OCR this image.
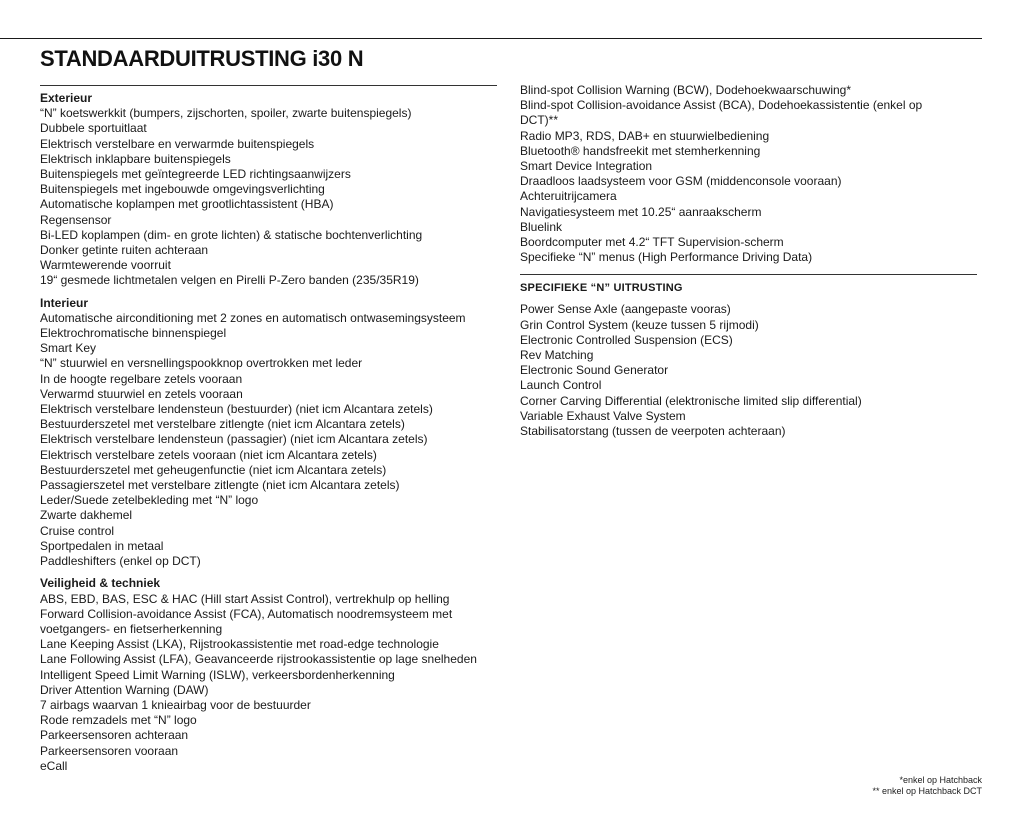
STANDAARDUITRUSTING i30 N
Exterieur
“N” koetswerkkit (bumpers, zijschorten, spoiler, zwarte buitenspiegels)
Dubbele sportuitlaat
Elektrisch verstelbare en verwarmde buitenspiegels
Elektrisch inklapbare buitenspiegels
Buitenspiegels met geïntegreerde LED richtingsaanwijzers
Buitenspiegels met ingebouwde omgevingsverlichting
Automatische koplampen met grootlichtassistent (HBA)
Regensensor
Bi-LED koplampen (dim- en grote lichten) & statische bochtenverlichting
Donker getinte ruiten achteraan
Warmtewerende voorruit
19“ gesmede lichtmetalen velgen en Pirelli P-Zero banden (235/35R19)
Interieur
Automatische airconditioning met 2 zones en automatisch ontwasemingsysteem
Elektrochromatische binnenspiegel
Smart Key
“N” stuurwiel en versnellingspookknop overtrokken met leder
In de hoogte regelbare zetels vooraan
Verwarmd stuurwiel en zetels vooraan
Elektrisch verstelbare lendensteun (bestuurder) (niet icm Alcantara zetels)
Bestuurderszetel met verstelbare zitlengte (niet icm Alcantara zetels)
Elektrisch verstelbare lendensteun (passagier) (niet icm Alcantara zetels)
Elektrisch verstelbare zetels vooraan (niet icm Alcantara zetels)
Bestuurderszetel met geheugenfunctie (niet icm Alcantara zetels)
Passagierszetel met verstelbare zitlengte (niet icm Alcantara zetels)
Leder/Suede zetelbekleding met “N” logo
Zwarte dakhemel
Cruise control
Sportpedalen in metaal
Paddleshifters (enkel op DCT)
Veiligheid & techniek
ABS, EBD, BAS, ESC & HAC (Hill start Assist Control), vertrekhulp op helling
Forward Collision-avoidance Assist (FCA), Automatisch noodremsysteem met
voetgangers- en fietserherkenning
Lane Keeping Assist (LKA), Rijstrookassistentie met road-edge technologie
Lane Following Assist (LFA), Geavanceerde rijstrookassistentie op lage snelheden
Intelligent Speed Limit Warning (ISLW), verkeersbordenherkenning
Driver Attention Warning (DAW)
7 airbags waarvan 1 knieairbag voor de bestuurder
Rode remzadels met “N” logo
Parkeersensoren achteraan
Parkeersensoren vooraan
eCall
Blind-spot Collision Warning (BCW), Dodehoekwaarschuwing*
Blind-spot Collision-avoidance Assist (BCA), Dodehoekassistentie (enkel op
DCT)**
Radio MP3, RDS, DAB+ en stuurwielbediening
Bluetooth® handsfreekit met stemherkenning
Smart Device Integration
Draadloos laadsysteem voor GSM (middenconsole vooraan)
Achteruitrijcamera
Navigatiesysteem met 10.25“ aanraakscherm
Bluelink
Boordcomputer met 4.2“ TFT Supervision-scherm
Specifieke “N” menus (High Performance Driving Data)
SPECIFIEKE “N” UITRUSTING
Power Sense Axle (aangepaste vooras)
Grin Control System (keuze tussen 5 rijmodi)
Electronic Controlled Suspension (ECS)
Rev Matching
Electronic Sound Generator
Launch Control
Corner Carving Differential (elektronische limited slip differential)
Variable Exhaust Valve System
Stabilisatorstang (tussen de veerpoten achteraan)
*enkel op Hatchback
** enkel op Hatchback DCT
